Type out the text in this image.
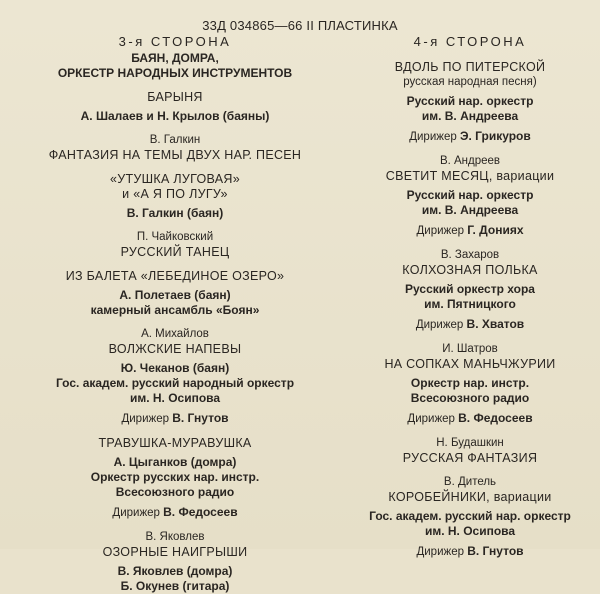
33Д 034865—66 II ПЛАСТИНКА
3-я СТОРОНА
БАЯН, ДОМРА,
ОРКЕСТР НАРОДНЫХ ИНСТРУМЕНТОВ
БАРЫНЯ
А. Шалаев и Н. Крылов (баяны)
В. Галкин
ФАНТАЗИЯ НА ТЕМЫ ДВУХ НАР. ПЕСЕН
«УТУШКА ЛУГОВАЯ»
и «А Я ПО ЛУГУ»
В. Галкин (баян)
П. Чайковский
РУССКИЙ ТАНЕЦ
ИЗ БАЛЕТА «ЛЕБЕДИНОЕ ОЗЕРО»
А. Полетаев (баян)
камерный ансамбль «Боян»
А. Михайлов
ВОЛЖСКИЕ НАПЕВЫ
Ю. Чеканов (баян)
Гос. академ. русский народный оркестр
им. Н. Осипова
Дирижер В. Гнутов
ТРАВУШКА-МУРАВУШКА
А. Цыганков (домра)
Оркестр русских нар. инстр.
Всесоюзного радио
Дирижер В. Федосеев
В. Яковлев
ОЗОРНЫЕ НАИГРЫШИ
В. Яковлев (домра)
Б. Окунев (гитара)
4-я СТОРОНА
ВДОЛЬ ПО ПИТЕРСКОЙ
русская народная песня)
Русский нар. оркестр
им. В. Андреева
Дирижер Э. Грикуров
В. Андреев
СВЕТИТ МЕСЯЦ, вариации
Русский нар. оркестр
им. В. Андреева
Дирижер Г. Донияx
В. Захаров
КОЛХОЗНАЯ ПОЛЬКА
Русский оркестр хора
им. Пятницкого
Дирижер В. Хватов
И. Шатров
НА СОПКАХ МАНЬЧЖУРИИ
Оркестр нар. инстр.
Всесоюзного радио
Дирижер В. Федосеев
Н. Будашкин
РУССКАЯ ФАНТАЗИЯ
В. Дитель
КОРОБЕЙНИКИ, вариации
Гос. академ. русский нар. оркестр
им. Н. Осипова
Дирижер В. Гнутов
